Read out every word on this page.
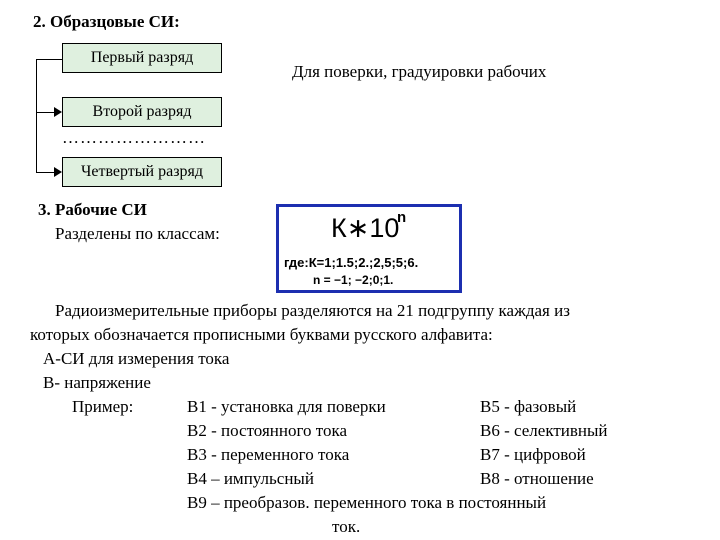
2. Образцовые СИ:
Первый разряд
Второй разряд
……………………
Четвертый разряд
Для поверки, градуировки рабочих
3. Рабочие СИ
Разделены по классам:	К∗10
n
где:К=1;1.5;2.;2,5;5;6.
n = −1; −2;0;1.
Радиоизмерительные приборы разделяются на 21 подгруппу каждая из
которых обозначается прописными буквами русского алфавита:
А-СИ для измерения тока
В- напряжение
Пример:	В1 - установка для поверки
В2 - постоянного тока
В3 - переменного тока
В4 – импульсный
В9 – преобразов. переменного тока в постоянный
ток.
В5 - фазовый
В6 - селективный
В7 - цифровой
В8 - отношение
